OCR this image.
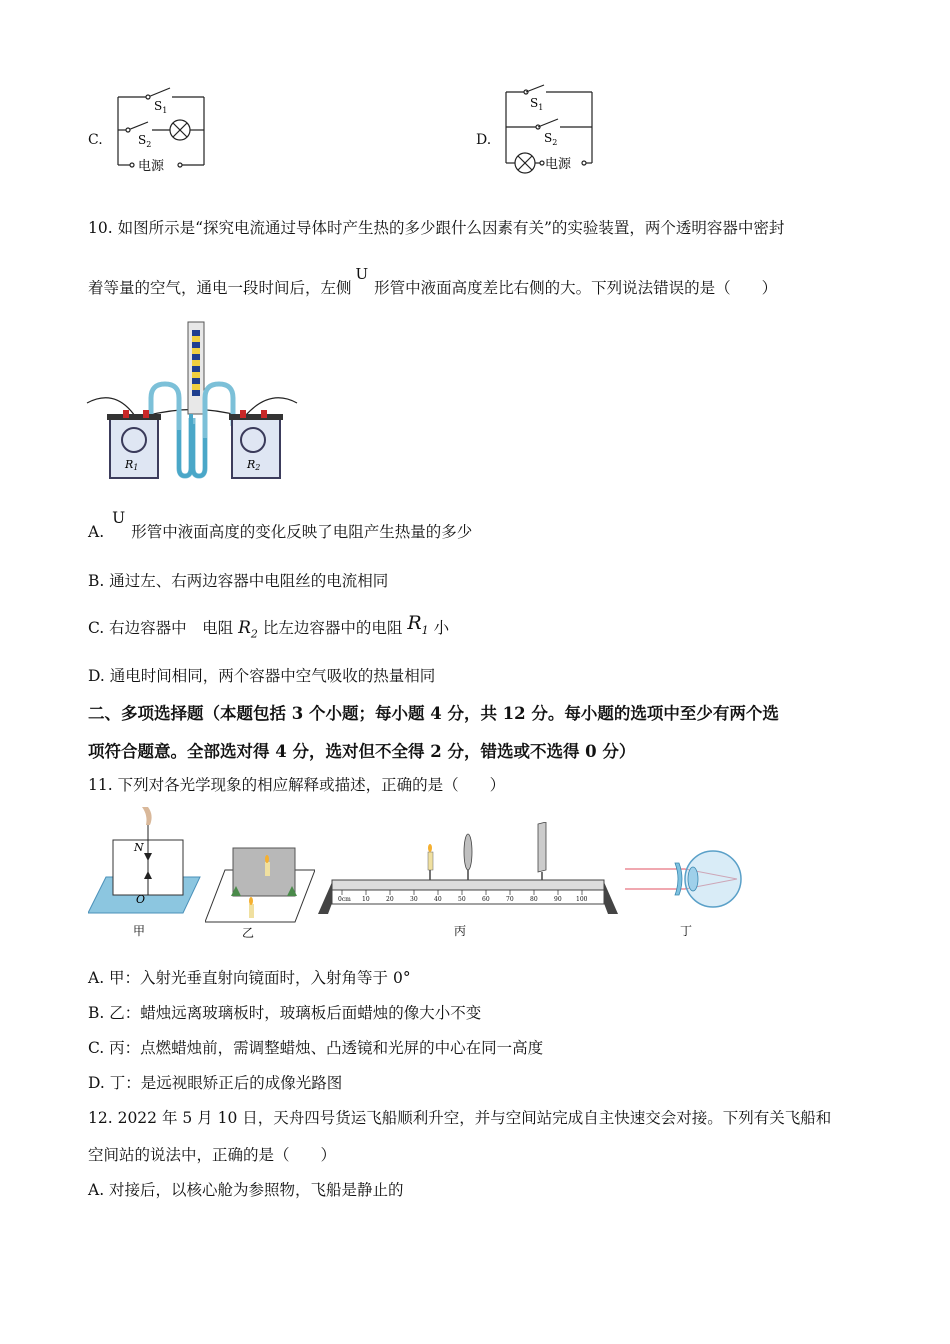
C.
$S_1$
$S_2$
电源
D.
$S_1$
$S_2$
电源
10. 如图所示是“探究电流通过导体时产生热的多少跟什么因素有关”的实验装置，两个透明容器中密封
着等量的空气，通电一段时间后，左侧U形管中液面高度差比右侧的大。下列说法错误的是（　　）
R1	R2
A.U形管中液面高度的变化反映了电阻产生热量的多少
B. 通过左、右两边容器中电阻丝的电流相同
C. 右边容器中　电阻 $R_2$ 比左边容器中的电阻 $R_1$ 小
D. 通电时间相同，两个容器中空气吸收的热量相同
二、多项选择题（本题包括 3 个小题；每小题 4 分，共 12 分。每小题的选项中至少有两个选
项符合题意。全部选对得 4 分，选对但不全得 2 分，错选或不选得 0 分）
11. 下列对各光学现象的相应解释或描述，正确的是（　　）
N
O
甲	乙
0cm 10	20	30	40	50	60	70	80	90 100
丙	丁
A. 甲：入射光垂直射向镜面时，入射角等于 0°
B. 乙：蜡烛远离玻璃板时，玻璃板后面蜡烛的像大小不变
C. 丙：点燃蜡烛前，需调整蜡烛、凸透镜和光屏的中心在同一高度
D. 丁：是远视眼矫正后的成像光路图
12. 2022 年 5 月 10 日，天舟四号货运飞船顺利升空，并与空间站完成自主快速交会对接。下列有关飞船和
空间站的说法中，正确的是（　　）
A. 对接后，以核心舱为参照物，飞船是静止的
